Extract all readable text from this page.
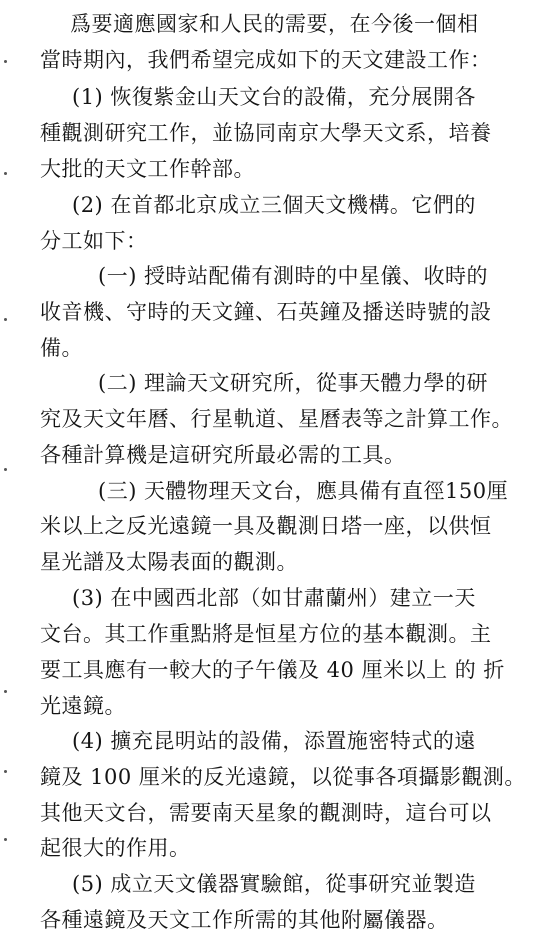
爲要適應國家和人民的需要，在今後一個相
當時期內，我們希望完成如下的天文建設工作：
(1) 恢復紫金山天文台的設備，充分展開各
種觀測研究工作，並協同南京大學天文系，培養
大批的天文工作幹部。
(2) 在首都北京成立三個天文機構。它們的
分工如下：
(一) 授時站配備有測時的中星儀、收時的
收音機、守時的天文鐘、石英鐘及播送時號的設
備。
(二) 理論天文研究所，從事天體力學的研
究及天文年曆、行星軌道、星曆表等之計算工作。
各種計算機是這研究所最必需的工具。
(三) 天體物理天文台，應具備有直徑150厘
米以上之反光遠鏡一具及觀測日塔一座，以供恒
星光譜及太陽表面的觀測。
(3) 在中國西北部（如甘肅蘭州）建立一天
文台。其工作重點將是恒星方位的基本觀測。主
要工具應有一較大的子午儀及 40 厘米以上 的 折
光遠鏡。
(4) 擴充昆明站的設備，添置施密特式的遠
鏡及 100 厘米的反光遠鏡，以從事各項攝影觀測。
其他天文台，需要南天星象的觀測時，這台可以
起很大的作用。
(5) 成立天文儀器實驗館，從事研究並製造
各種遠鏡及天文工作所需的其他附屬儀器。
